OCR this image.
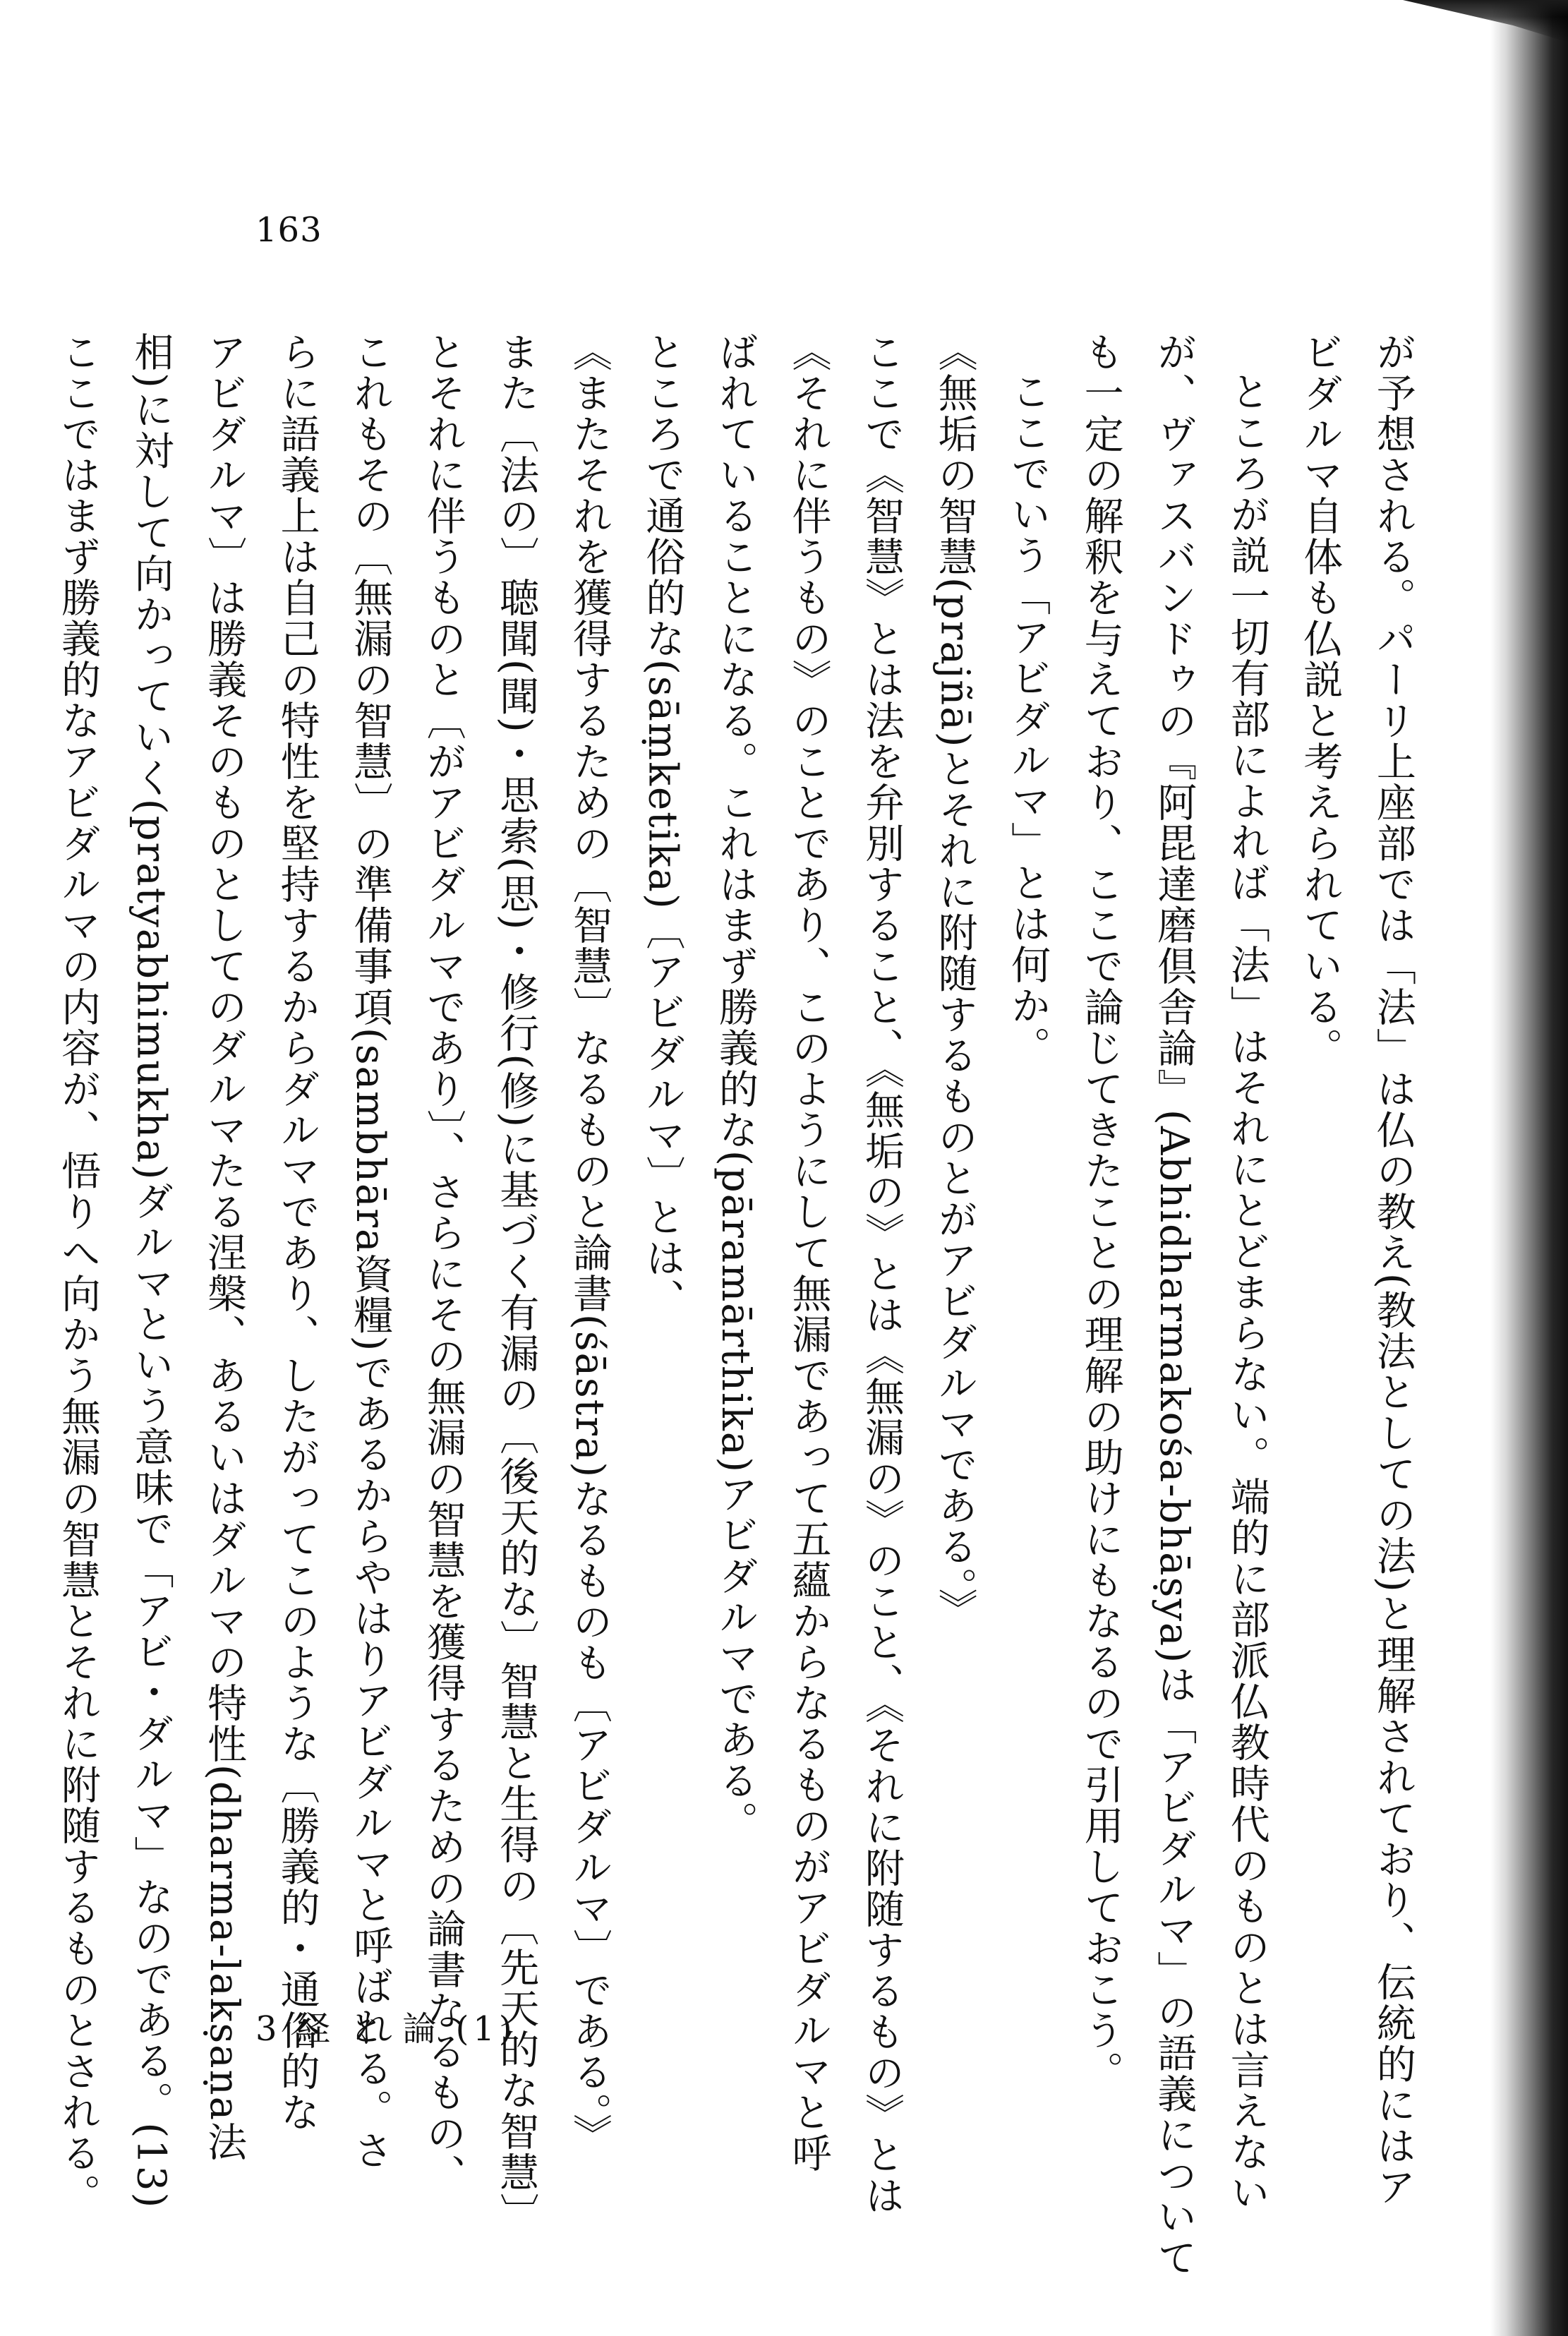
163
が予想される。パーリ上座部では「法」は仏の教え(教法としての法)と理解されており、伝統的にはア
ビダルマ自体も仏説と考えられている。
ところが説一切有部によれば「法」はそれにとどまらない。端的に部派仏教時代のものとは言えない
が、ヴァスバンドゥの『阿毘達磨倶舎論』(Abhidharmakośa-bhāṣya)は「アビダルマ」の語義について
も一定の解釈を与えており、ここで論じてきたことの理解の助けにもなるので引用しておこう。
ここでいう「アビダルマ」とは何か。
《無垢の智慧(prajñā)とそれに附随するものとがアビダルマである。》
ここで《智慧》とは法を弁別すること、《無垢の》とは《無漏の》のこと、《それに附随するもの》とは
《それに伴うもの》のことであり、このようにして無漏であって五蘊からなるものがアビダルマと呼
ばれていることになる。これはまず勝義的な(pāramārthika)アビダルマである。
ところで通俗的な(sāṃketika)〔アビダルマ〕とは、
《またそれを獲得するための〔智慧〕なるものと論書(śāstra)なるものも〔アビダルマ〕である。》
また〔法の〕聴聞(聞)・思索(思)・修行(修)に基づく有漏の〔後天的な〕智慧と生得の〔先天的な智慧〕
とそれに伴うものと〔がアビダルマであり〕、さらにその無漏の智慧を獲得するための論書なるもの、
これもその〔無漏の智慧〕の準備事項(sambhāra資糧)であるからやはりアビダルマと呼ばれる。さ
らに語義上は自己の特性を堅持するからダルマであり、したがってこのような〔勝義的・通俗的な
アビダルマ〕は勝義そのものとしてのダルマたる涅槃、あるいはダルマの特性(dharma-lakṣaṇa法
相)に対して向かっていく(pratyabhimukha)ダルマという意味で「アビ・ダルマ」なのである。(13)
ここではまず勝義的なアビダルマの内容が、悟りへ向かう無漏の智慧とそれに附随するものとされる。	3 経 と 論 (1)
